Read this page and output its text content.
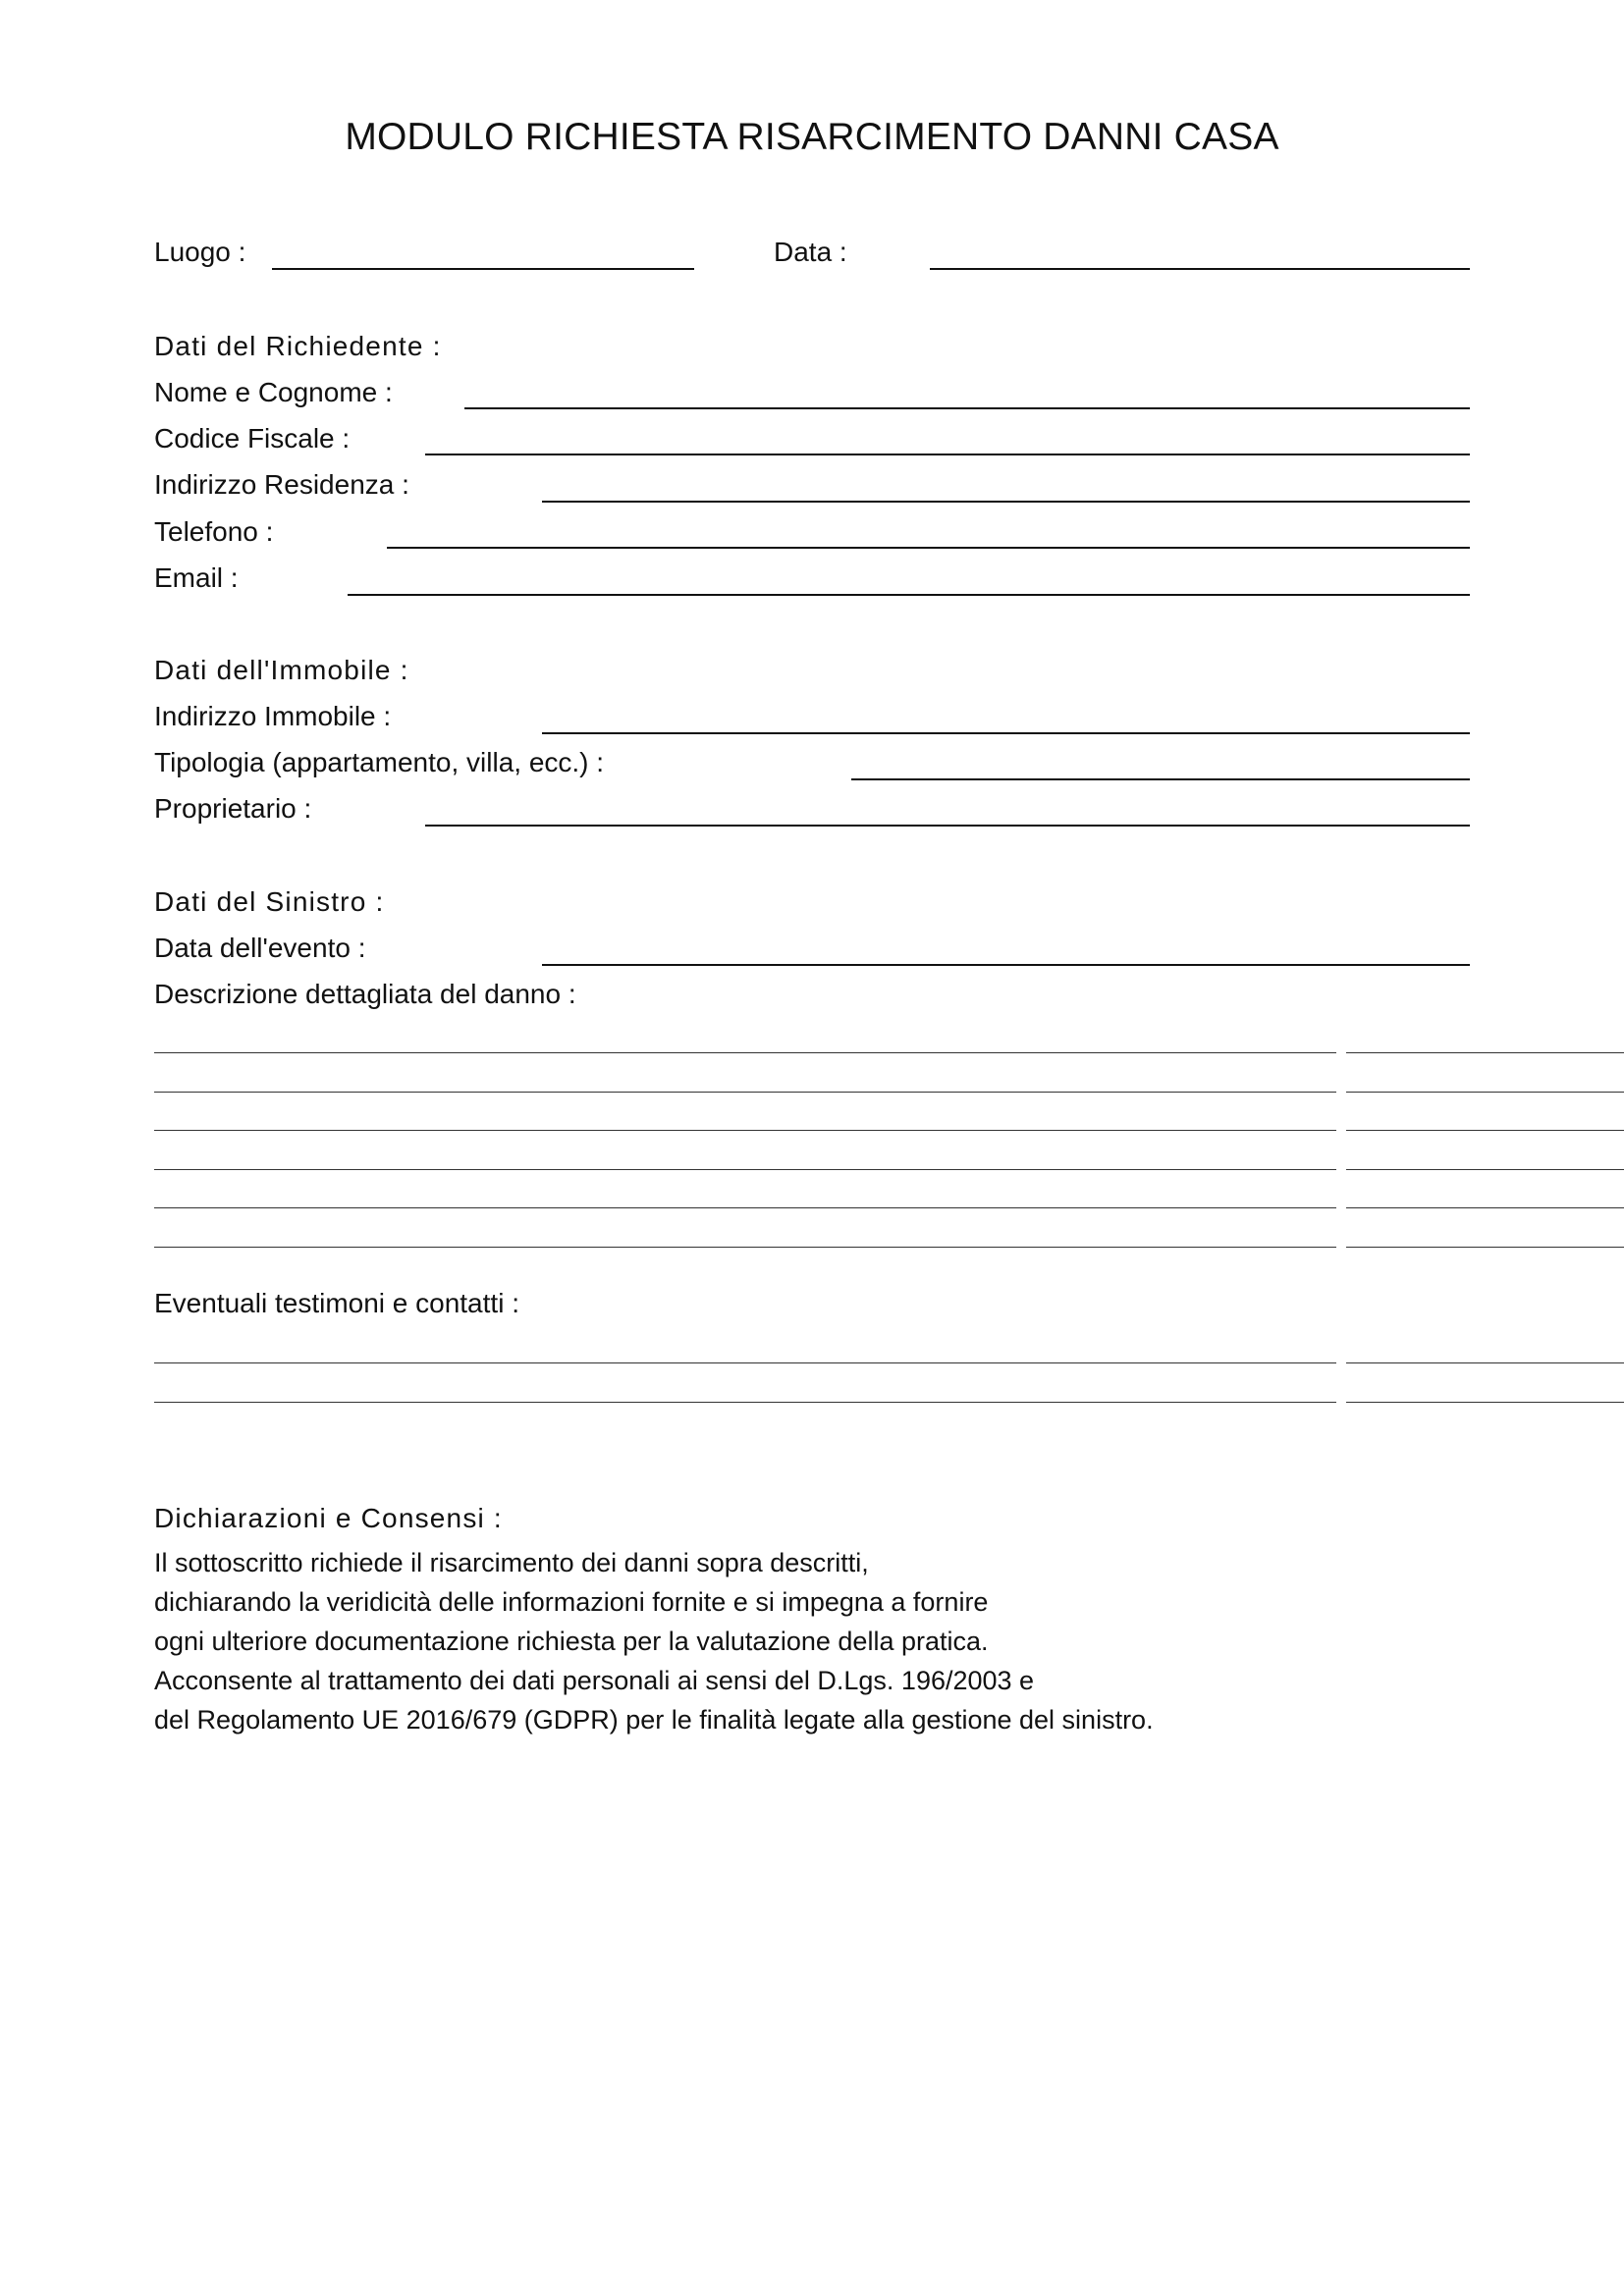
MODULO RICHIESTA RISARCIMENTO DANNI CASA
Luogo :	Data :
Dati del Richiedente :
Nome e Cognome :
Codice Fiscale :
Indirizzo Residenza :
Telefono :
Email :
Dati dell'Immobile :
Indirizzo Immobile :
Tipologia (appartamento, villa, ecc.) :
Proprietario :
Dati del Sinistro :
Data dell'evento :
Descrizione dettagliata del danno :
Eventuali testimoni e contatti :
Dichiarazioni e Consensi :
Il sottoscritto richiede il risarcimento dei danni sopra descritti,
dichiarando la veridicità delle informazioni fornite e si impegna a fornire
ogni ulteriore documentazione richiesta per la valutazione della pratica.
Acconsente al trattamento dei dati personali ai sensi del D.Lgs. 196/2003 e
del Regolamento UE 2016/679 (GDPR) per le finalità legate alla gestione del sinistro.
